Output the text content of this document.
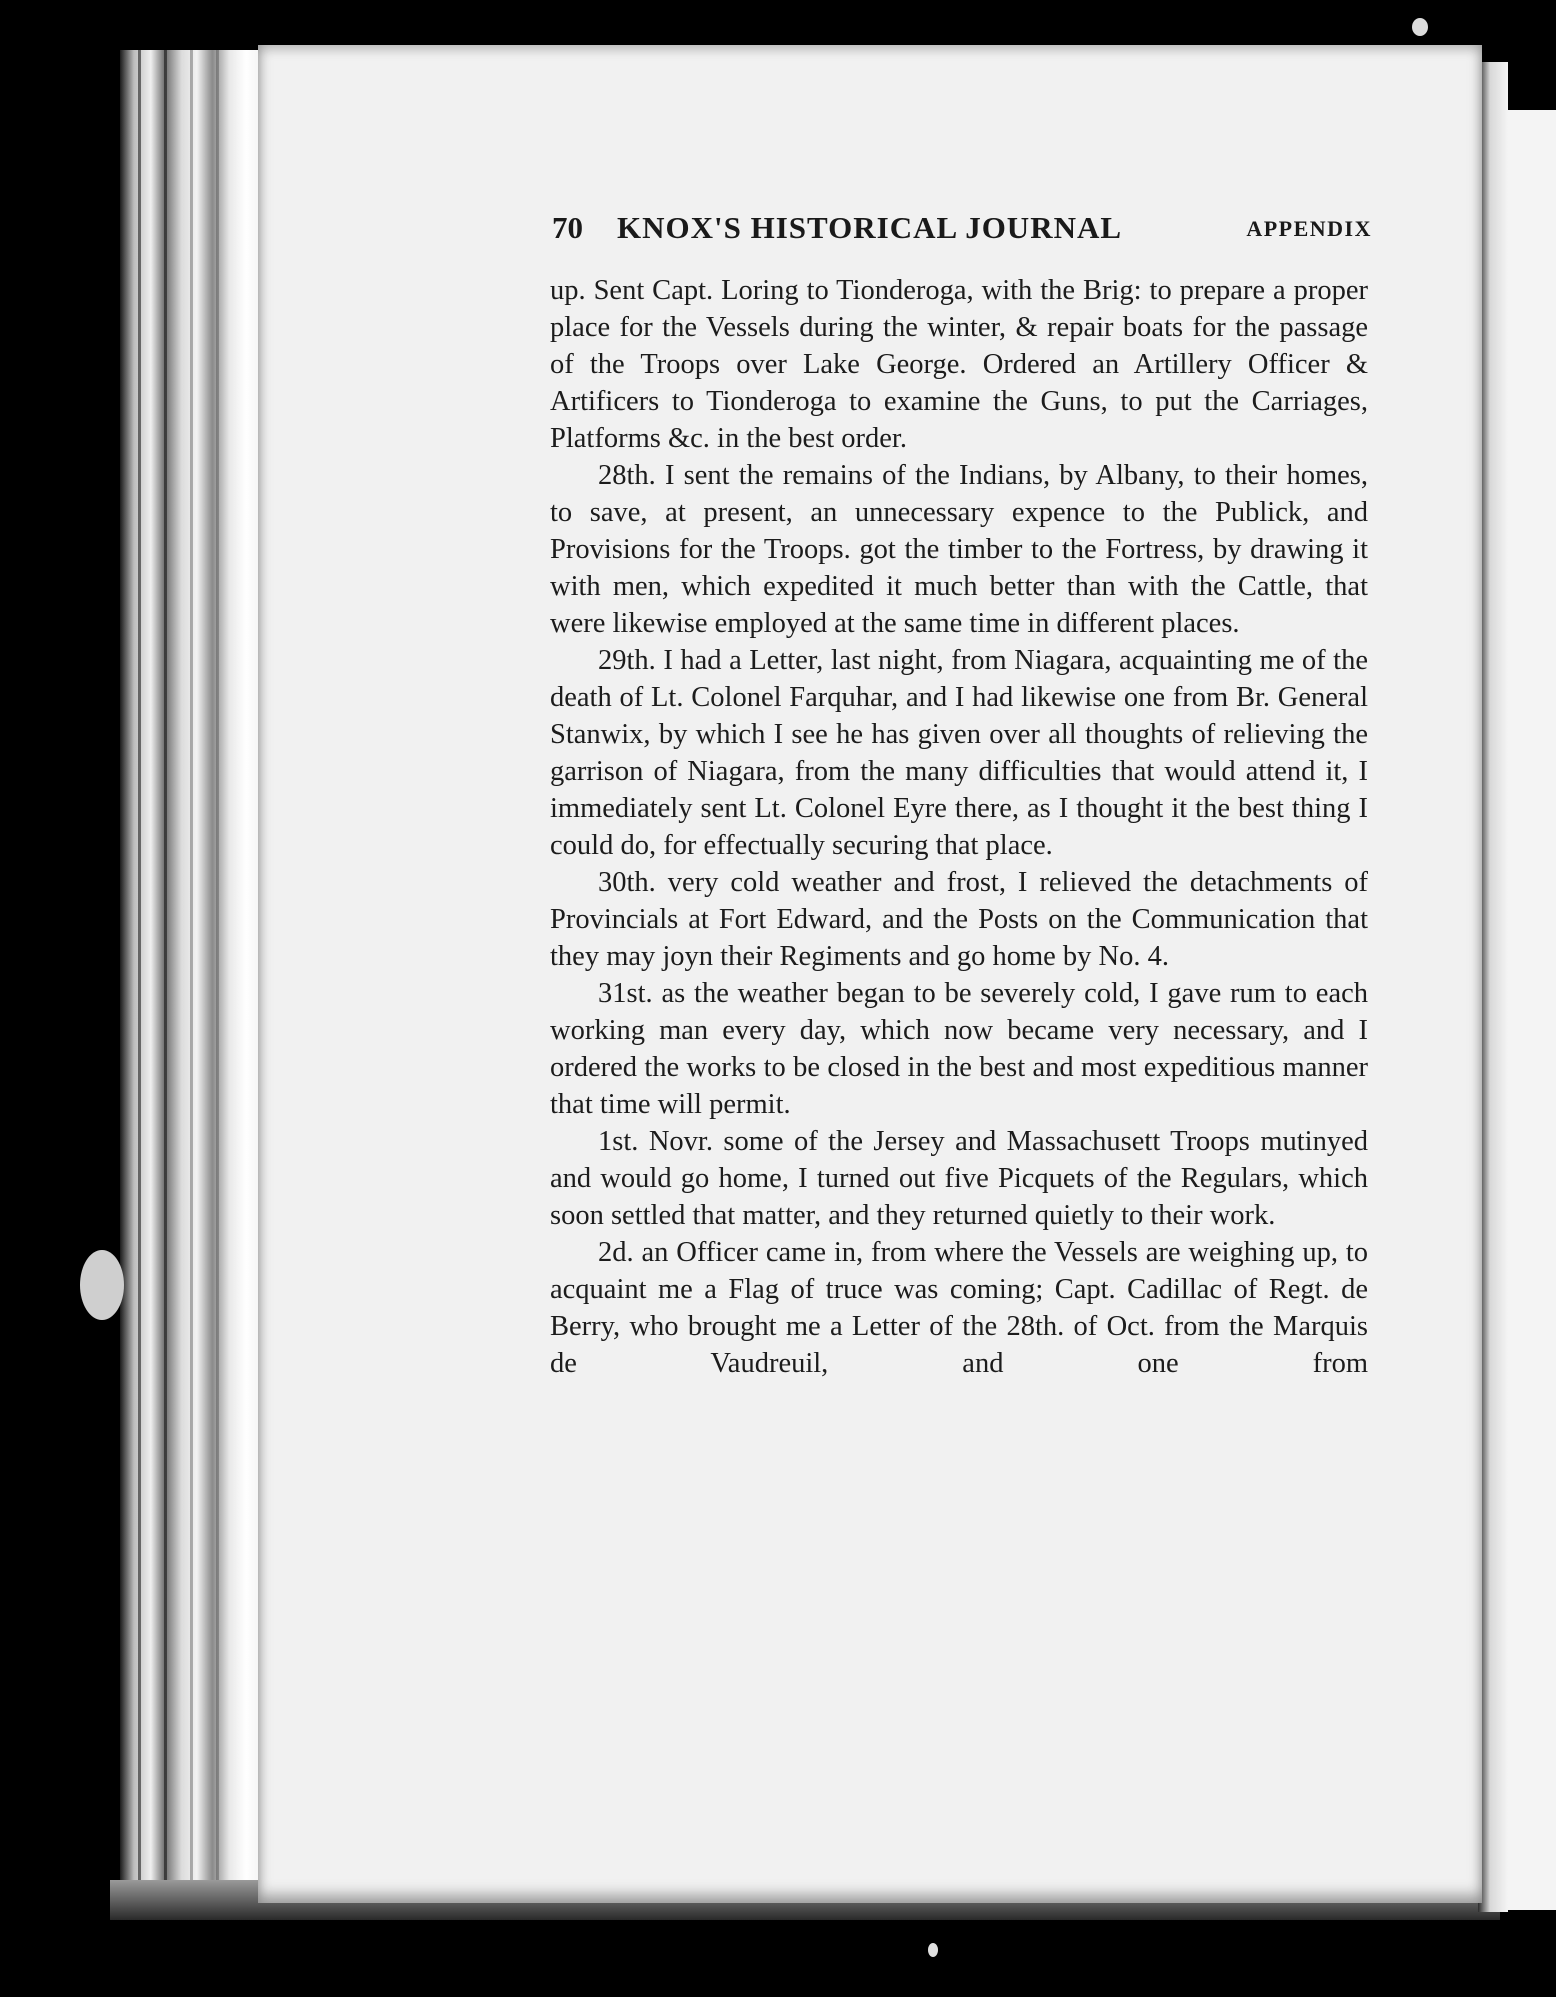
70 KNOX'S HISTORICAL JOURNAL	APPENDIX

up. Sent Capt. Loring to Tionderoga, with the Brig: to prepare a proper place for the Vessels during the winter, & repair boats for the passage of the Troops over Lake George. Ordered an Artillery Officer & Artificers to Tionderoga to examine the Guns, to put the Carriages, Platforms &c. in the best order.

28th. I sent the remains of the Indians, by Albany, to their homes, to save, at present, an unnecessary expence to the Publick, and Provisions for the Troops. got the timber to the Fortress, by drawing it with men, which expedited it much better than with the Cattle, that were likewise employed at the same time in different places.

29th. I had a Letter, last night, from Niagara, acquainting me of the death of Lt. Colonel Farquhar, and I had likewise one from Br. General Stanwix, by which I see he has given over all thoughts of relieving the garrison of Niagara, from the many difficulties that would attend it, I immediately sent Lt. Colonel Eyre there, as I thought it the best thing I could do, for effectually securing that place.

30th. very cold weather and frost, I relieved the detachments of Provincials at Fort Edward, and the Posts on the Communication that they may joyn their Regiments and go home by No. 4.

31st. as the weather began to be severely cold, I gave rum to each working man every day, which now became very necessary, and I ordered the works to be closed in the best and most expeditious manner that time will permit.

1st. Novr. some of the Jersey and Massachusett Troops mutinyed and would go home, I turned out five Picquets of the Regulars, which soon settled that matter, and they returned quietly to their work.

2d. an Officer came in, from where the Vessels are weighing up, to acquaint me a Flag of truce was coming; Capt. Cadillac of Regt. de Berry, who brought me a Letter of the 28th. of Oct. from the Marquis de Vaudreuil, and one from
